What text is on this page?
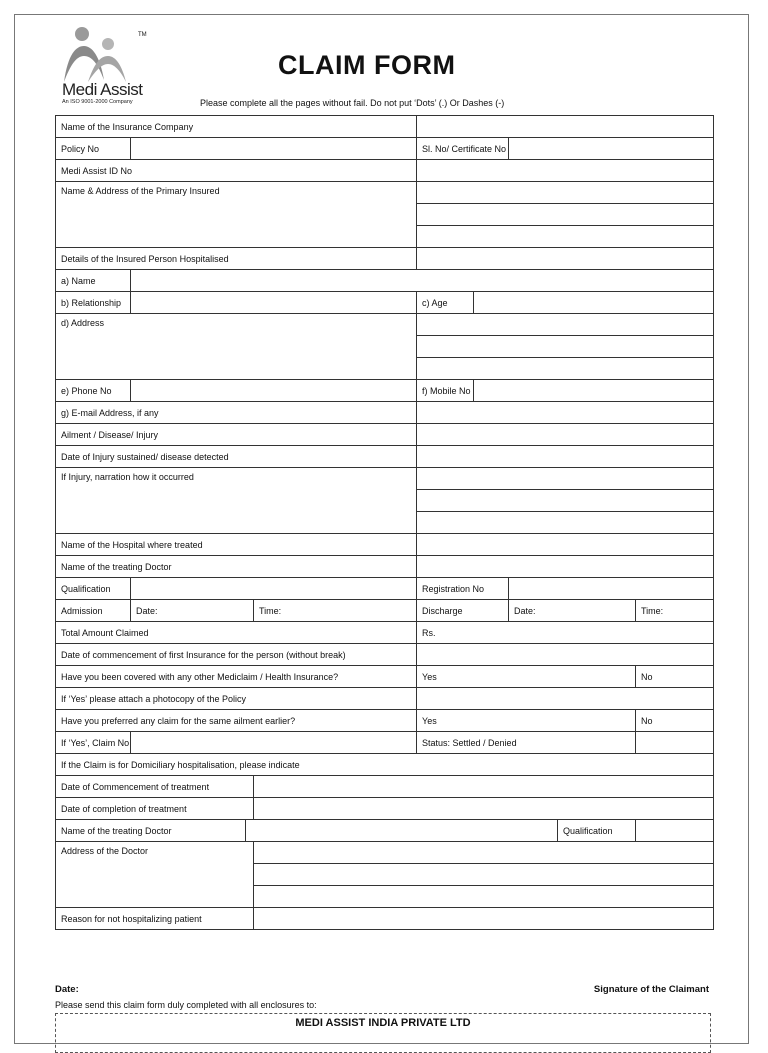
TM
Medi Assist
An ISO 9001-2000 Company
CLAIM FORM
Please complete all the pages without fail. Do not put ‘Dots’ (.) Or Dashes (-)
Name of the Insurance Company								
Policy No				Sl. No/ Certificate No				
Medi Assist ID No								
Name & Address of the Primary Insured								

Details of the Insured Person Hospitalised								
a) Name								
b) Relationship				c) Age				
d) Address								

e) Phone No				f) Mobile No				
g) E-mail Address, if any								
Ailment / Disease/ Injury								
Date of Injury sustained/ disease detected								
If Injury, narration how it occurred								

Name of the Hospital where treated								
Name of the treating Doctor								
Qualification				Registration No				
Admission	Date:		Time:	Discharge		Date:		Time:
Total Amount Claimed				Rs.				
Date of commencement of first Insurance for the person (without break)								
Have you been covered with any other Mediclaim / Health Insurance?				Yes				No
If ‘Yes’ please attach a photocopy of the Policy								
Have you preferred any claim for the same ailment earlier?				Yes				No
If ‘Yes’, Claim No				Status: Settled / Denied				
If the Claim is for Domiciliary hospitalisation, please indicate								
Date of Commencement of treatment								
Date of completion of treatment								
Name of the treating Doctor							Qualification	
Address of the Doctor								

Reason for not hospitalizing patient								
Date:	Signature of the Claimant
Please send this claim form duly completed with all enclosures to:
MEDI ASSIST INDIA PRIVATE LTD
